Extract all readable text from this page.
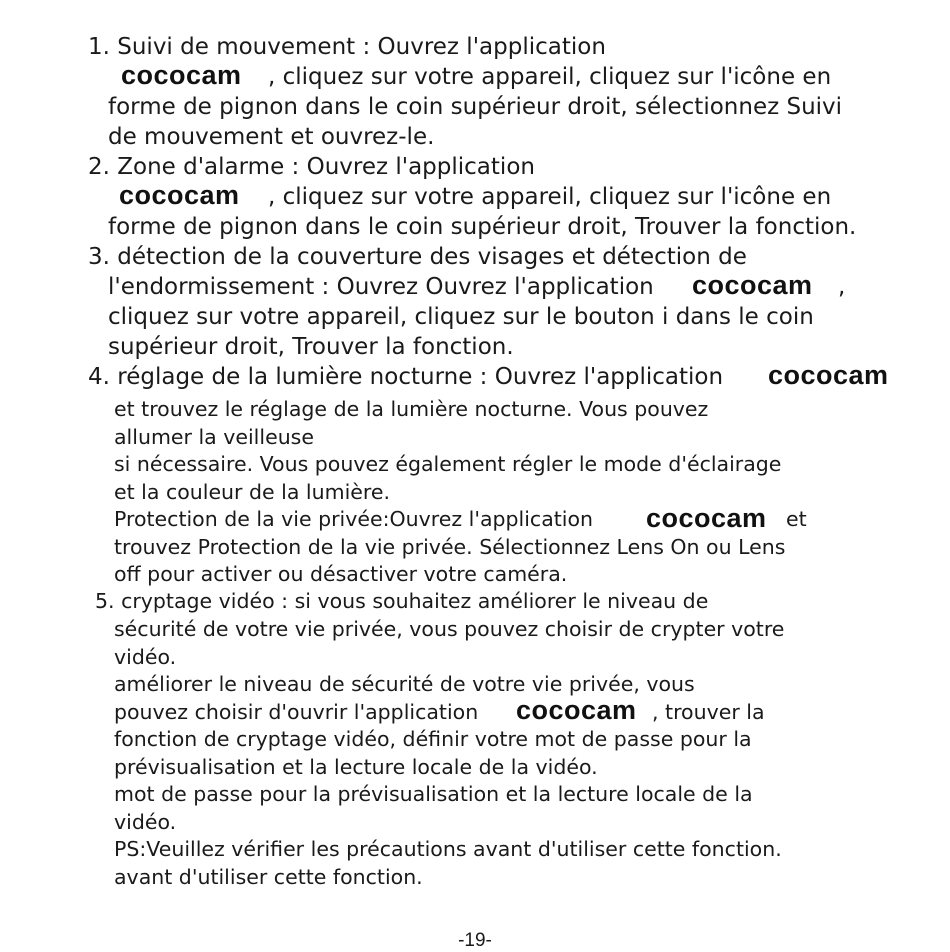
1. Suivi de mouvement : Ouvrez l'application
cococam , cliquez sur votre appareil, cliquez sur l'icône en
forme de pignon dans le coin supérieur droit, sélectionnez Suivi
de mouvement et ouvrez-le.
2. Zone d'alarme : Ouvrez l'application
cococam , cliquez sur votre appareil, cliquez sur l'icône en
forme de pignon dans le coin supérieur droit, Trouver la fonction.
3. détection de la couverture des visages et détection de
l'endormissement : Ouvrez Ouvrez l'application cococam ,
cliquez sur votre appareil, cliquez sur le bouton i dans le coin
supérieur droit, Trouver la fonction.
4. réglage de la lumière nocturne : Ouvrez l'application cococam
et trouvez le réglage de la lumière nocturne. Vous pouvez
allumer la veilleuse
si nécessaire. Vous pouvez également régler le mode d'éclairage
et la couleur de la lumière.
Protection de la vie privée:Ouvrez l'application cococam et
trouvez Protection de la vie privée. Sélectionnez Lens On ou Lens
off pour activer ou désactiver votre caméra.
5. cryptage vidéo : si vous souhaitez améliorer le niveau de
sécurité de votre vie privée, vous pouvez choisir de crypter votre
vidéo.
améliorer le niveau de sécurité de votre vie privée, vous
pouvez choisir d'ouvrir l'application cococam , trouver la
fonction de cryptage vidéo, définir votre mot de passe pour la
prévisualisation et la lecture locale de la vidéo.
mot de passe pour la prévisualisation et la lecture locale de la
vidéo.
PS:Veuillez vérifier les précautions avant d'utiliser cette fonction.
avant d'utiliser cette fonction.
-19-
